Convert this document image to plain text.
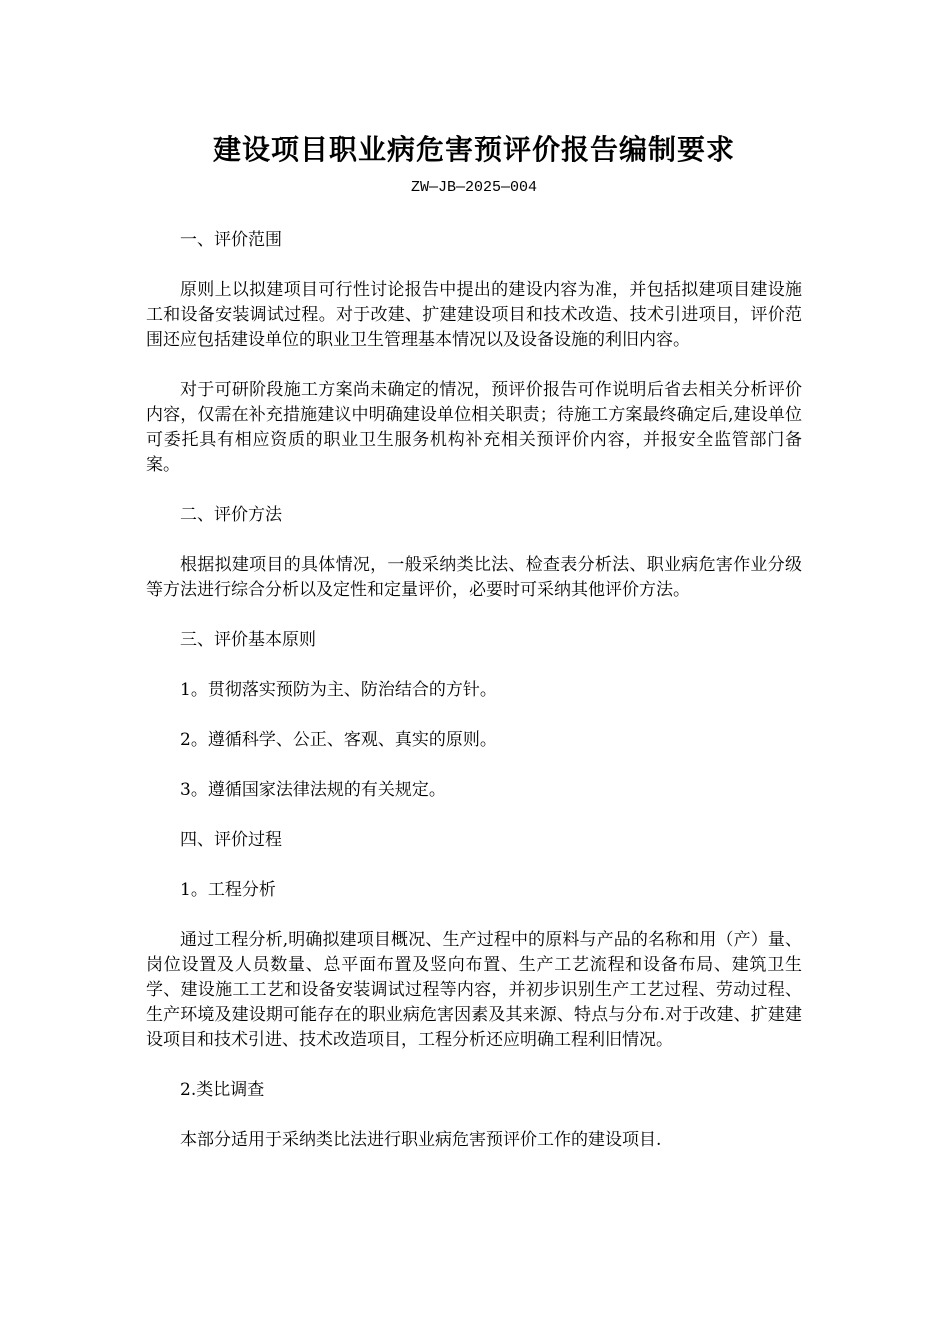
建设项目职业病危害预评价报告编制要求
ZW—JB—2025—004
一、评价范围
原则上以拟建项目可行性讨论报告中提出的建设内容为准，并包括拟建项目建设施工和设备安装调试过程。对于改建、扩建建设项目和技术改造、技术引进项目，评价范围还应包括建设单位的职业卫生管理基本情况以及设备设施的利旧内容。
对于可研阶段施工方案尚未确定的情况，预评价报告可作说明后省去相关分析评价内容，仅需在补充措施建议中明确建设单位相关职责；待施工方案最终确定后,建设单位可委托具有相应资质的职业卫生服务机构补充相关预评价内容，并报安全监管部门备案。
二、评价方法
根据拟建项目的具体情况，一般采纳类比法、检查表分析法、职业病危害作业分级等方法进行综合分析以及定性和定量评价，必要时可采纳其他评价方法。
三、评价基本原则
1。贯彻落实预防为主、防治结合的方针。
2。遵循科学、公正、客观、真实的原则。
3。遵循国家法律法规的有关规定。
四、评价过程
1。工程分析
通过工程分析,明确拟建项目概况、生产过程中的原料与产品的名称和用（产）量、岗位设置及人员数量、总平面布置及竖向布置、生产工艺流程和设备布局、建筑卫生学、建设施工工艺和设备安装调试过程等内容，并初步识别生产工艺过程、劳动过程、生产环境及建设期可能存在的职业病危害因素及其来源、特点与分布.对于改建、扩建建设项目和技术引进、技术改造项目，工程分析还应明确工程利旧情况。
2.类比调查
本部分适用于采纳类比法进行职业病危害预评价工作的建设项目.
